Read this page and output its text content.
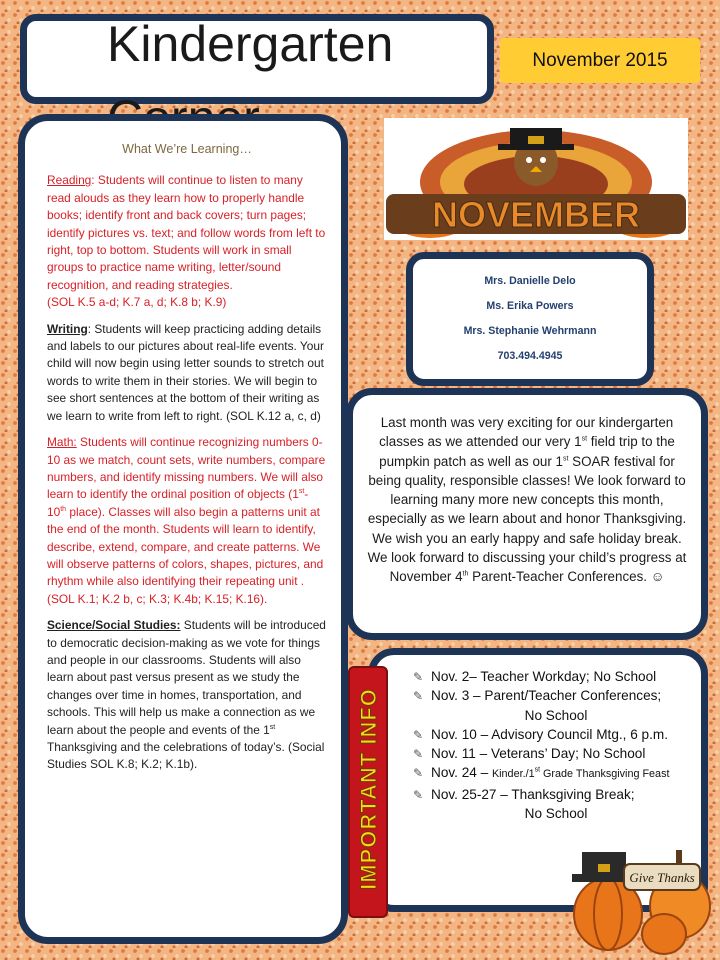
Kindergarten	November 2015

What We’re Learning…

Reading: Students will continue to listen to many read alouds as they learn how to properly handle books; identify front and back covers; turn pages; identify pictures vs. text; and follow words from left to right, top to bottom. Students will work in small groups to practice name writing, letter/sound recognition, and reading strategies.
(SOL K.5 a-d; K.7 a, d; K.8 b; K.9)

Writing: Students will keep practicing adding details and labels to our pictures about real-life events. Your child will now begin using letter sounds to stretch out words to write them in their stories. We will begin to see short sentences at the bottom of their writing as we learn to write from left to right. (SOL K.12 a, c, d)

Math: Students will continue recognizing numbers 0-10 as we match, count sets, write numbers, compare numbers, and identify missing numbers. We will also learn to identify the ordinal position of objects (1st-10th place). Classes will also begin a patterns unit at the end of the month. Students will learn to identify, describe, extend, compare, and create patterns. We will observe patterns of colors, shapes, pictures, and rhythm while also identifying their repeating unit . (SOL K.1; K.2 b, c; K.3; K.4b; K.15; K.16).

Science/Social Studies: Students will be introduced to democratic decision-making as we vote for things and people in our classrooms. Students will also learn about past versus present as we study the changes over time in homes, transportation, and schools. This will help us make a connection as we learn about the people and events of the 1st Thanksgiving and the celebrations of today’s. (Social Studies SOL K.8; K.2; K.1b).

NOVEMBER
Mrs. Danielle Delo
Ms. Erika Powers
Mrs. Stephanie Wehrmann
703.494.4945
Last month was very exciting for our kindergarten classes as we attended our very 1st field trip to the pumpkin patch as well as our 1st SOAR festival for being quality, responsible classes! We look forward to learning many more new concepts this month, especially as we learn about and honor Thanksgiving. We wish you an early happy and safe holiday break. We look forward to discussing your child’s progress at November 4th Parent-Teacher Conferences. ☺
✎ Nov. 2– Teacher Workday; No School
✎ Nov. 3 – Parent/Teacher Conferences;
No School
✎ Nov. 10 – Advisory Council Mtg., 6 p.m.
✎ Nov. 11 – Veterans’ Day; No School
✎ Nov. 24 – Kinder./1st Grade Thanksgiving Feast
✎ Nov. 25-27 – Thanksgiving Break;
No School
IMPORTANT INFO	Give Thanks
